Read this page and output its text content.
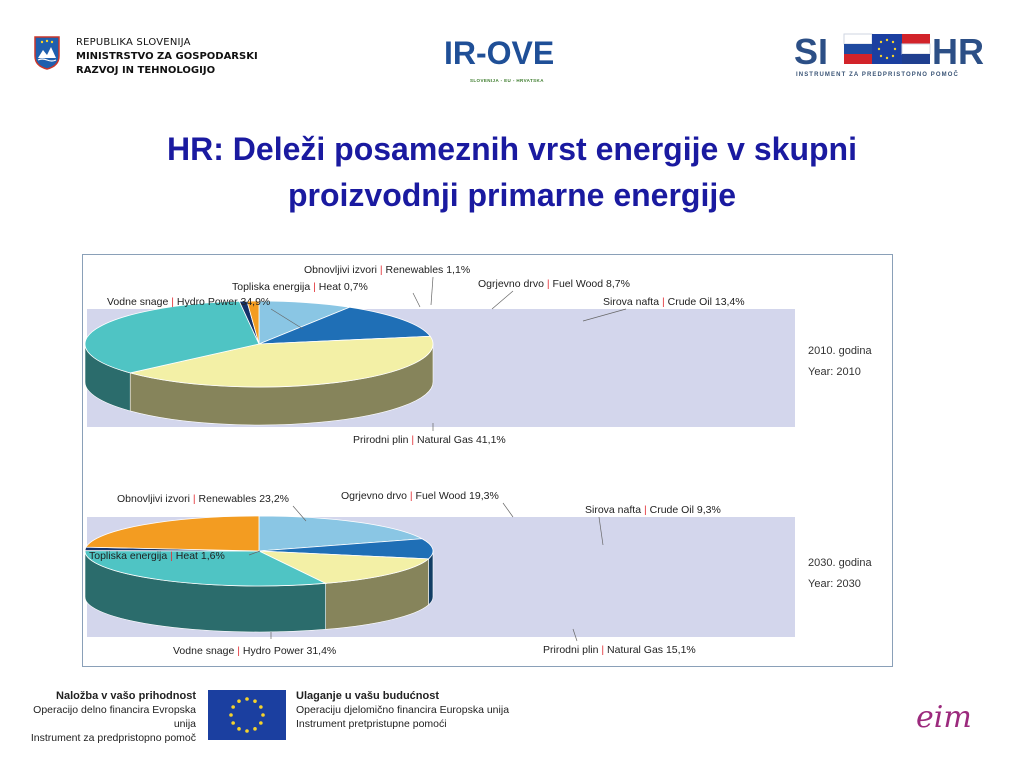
REPUBLIKA SLOVENIJA
MINISTRSTVO ZA GOSPODARSKI
RAZVOJ IN TEHNOLOGIJO	IR-OVE
SLOVENIJA - EU - HRVATSKA
SI	HR
INSTRUMENT ZA PREDPRISTOPNO POMOČ
HR: Deleži posameznih vrst energije v skupni
proizvodnji primarne energije
Ogrjevno drvo | Fuel Wood 8,7%
Sirova nafta | Crude Oil 13,4%
Prirodni plin | Natural Gas 41,1%
Vodne snage | Hydro Power 34,9%
Topliska energija | Heat 0,7%
Obnovljivi izvori | Renewables 1,1%
Ogrjevno drvo | Fuel Wood 19,3%
Sirova nafta | Crude Oil 9,3%
Prirodni plin | Natural Gas 15,1%
Vodne snage | Hydro Power 31,4%
Topliska energija | Heat 1,6%
Obnovljivi izvori | Renewables 23,2%
2010. godina
Year: 2010
2030. godina
Year: 2030
Naložba v vašo prihodnost
Operacijo delno financira Evropska unija
Instrument za predpristopno pomoč
Ulaganje u vašu budućnost
Operaciju djelomično financira Europska unija
Instrument pretpristupne pomoći	eim
